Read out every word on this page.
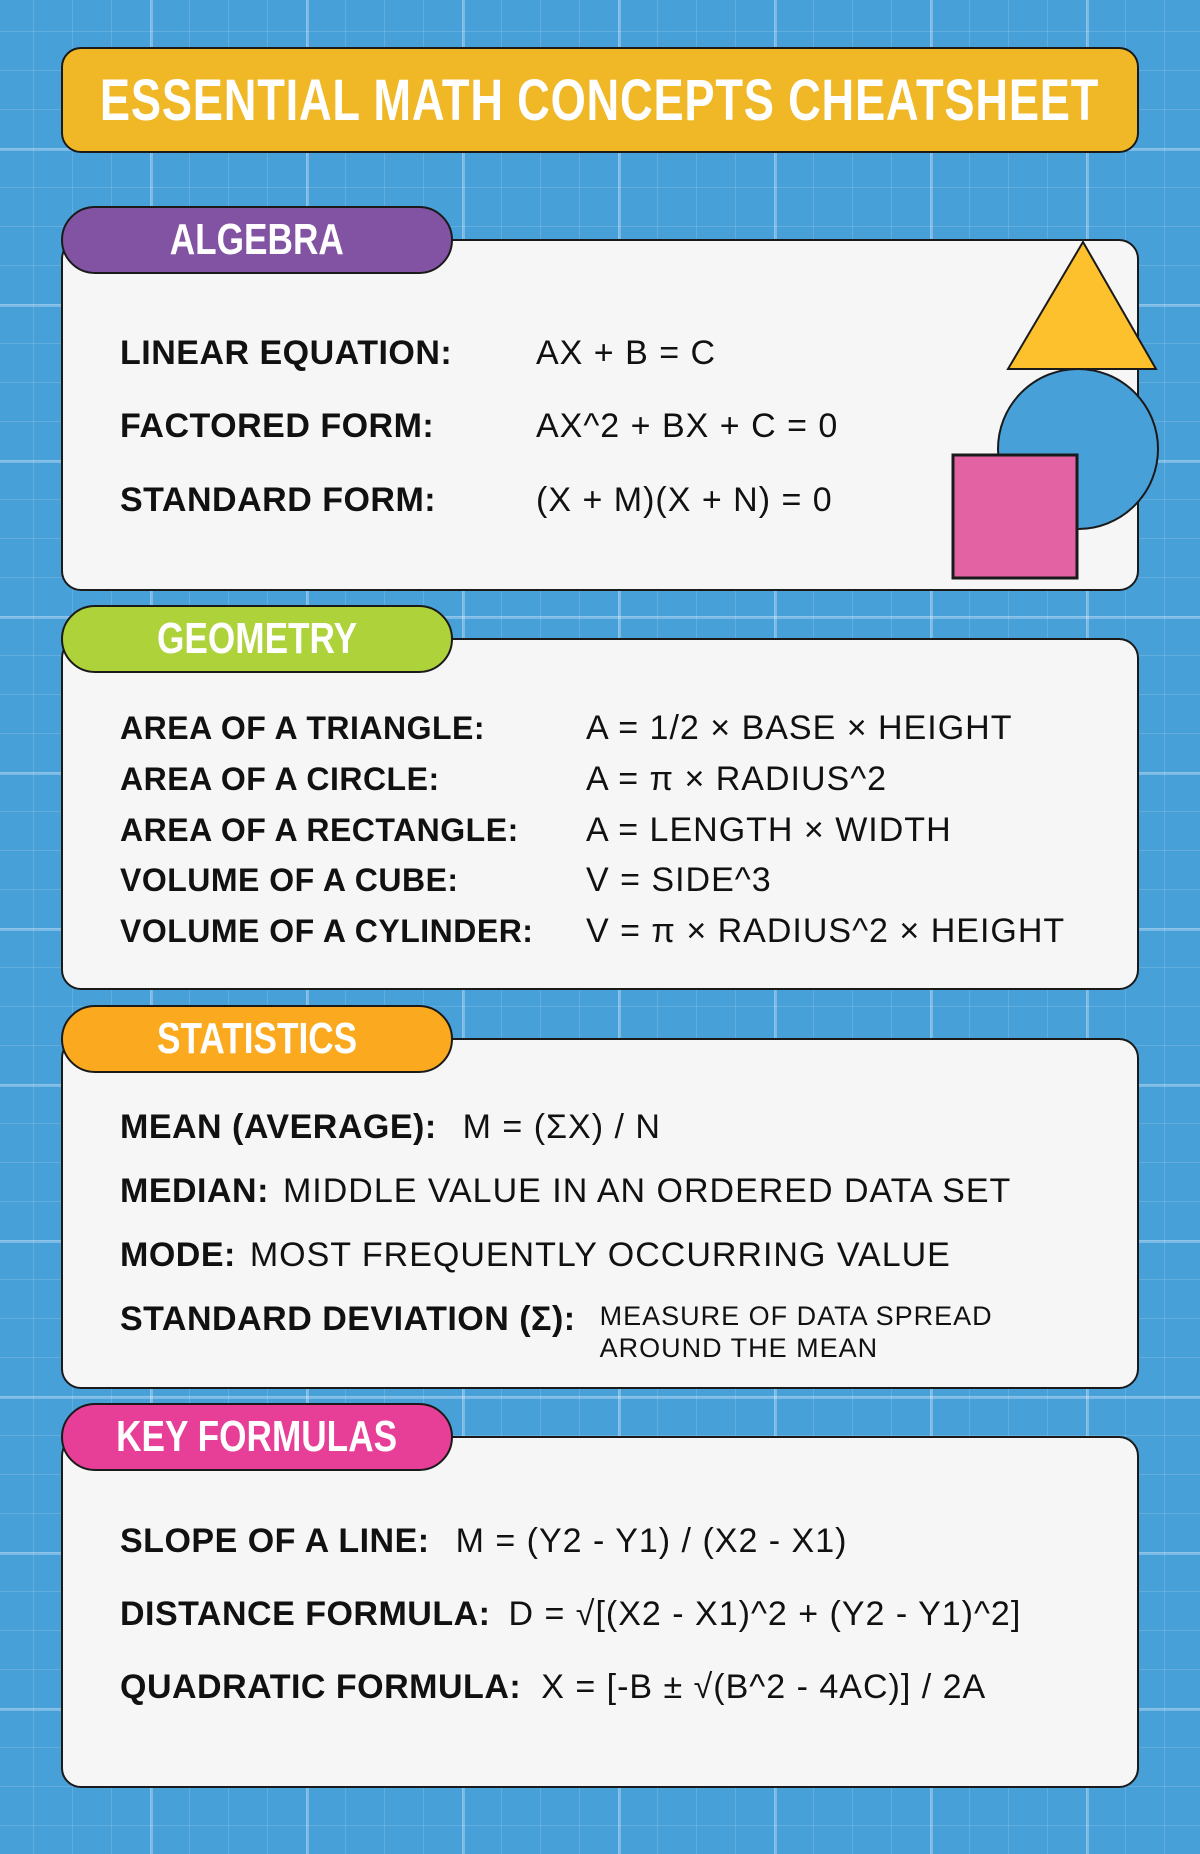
ESSENTIAL MATH CONCEPTS CHEATSHEET
ALGEBRA
LINEAR EQUATION:	AX + B = C
FACTORED FORM:	AX^2 + BX + C = 0
STANDARD FORM:	(X + M)(X + N) = 0
GEOMETRY
AREA OF A TRIANGLE:	A = 1/2 × BASE × HEIGHT
AREA OF A CIRCLE:	A = π × RADIUS^2
AREA OF A RECTANGLE:	A = LENGTH × WIDTH
VOLUME OF A CUBE:	V = SIDE^3
VOLUME OF A CYLINDER:	V = π × RADIUS^2 × HEIGHT
STATISTICS
MEAN (AVERAGE): Μ = (ΣX) / N
MEDIAN: MIDDLE VALUE IN AN ORDERED DATA SET
MODE: MOST FREQUENTLY OCCURRING VALUE
STANDARD DEVIATION (Σ): MEASURE OF DATA SPREAD
AROUND THE MEAN
KEY FORMULAS
SLOPE OF A LINE: M = (Y2 - Y1) / (X2 - X1)
DISTANCE FORMULA: D = √[(X2 - X1)^2 + (Y2 - Y1)^2]
QUADRATIC FORMULA: X = [-B ± √(B^2 - 4AC)] / 2A
